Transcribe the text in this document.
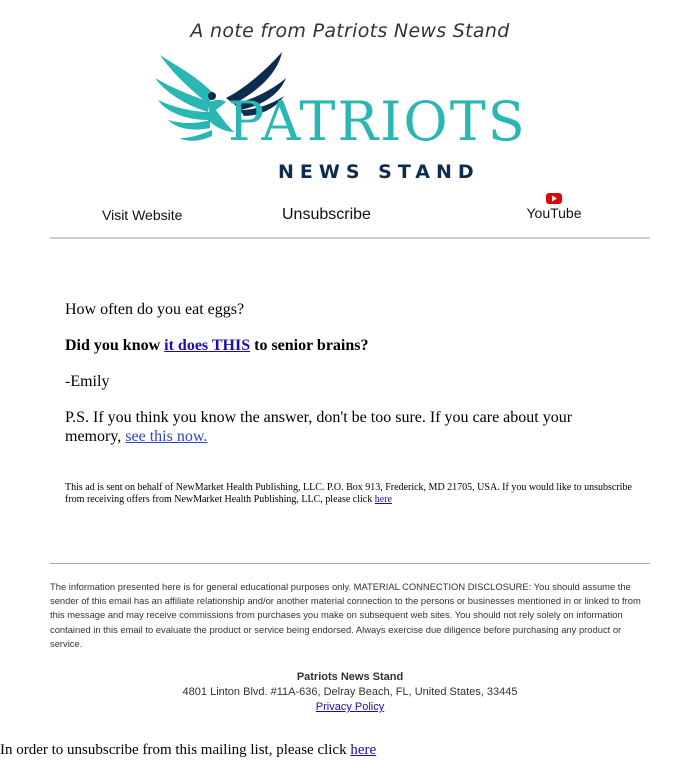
A note from Patriots News Stand
PATRIOTS
NEWS STAND
Visit Website	Unsubscribe	YouTube

How often do you eat eggs?

Did you know it does THIS to senior brains?

-Emily

P.S. If you think you know the answer, don't be too sure. If you care about your memory, see this now.

This ad is sent on behalf of NewMarket Health Publishing, LLC. P.O. Box 913, Frederick, MD 21705, USA. If you would like to unsubscribe from receiving offers from NewMarket Health Publishing, LLC, please click here
The information presented here is for general educational purposes only. MATERIAL CONNECTION DISCLOSURE: You should assume the sender of this email has an affiliate relationship and/or another material connection to the persons or businesses mentioned in or linked to from this message and may receive commissions from purchases you make on subsequent web sites. You should not rely solely on information contained in this email to evaluate the product or service being endorsed. Always exercise due diligence before purchasing any product or service.
Patriots News Stand
4801 Linton Blvd. #11A-636, Delray Beach, FL, United States, 33445
Privacy Policy
In order to unsubscribe from this mailing list, please click here
